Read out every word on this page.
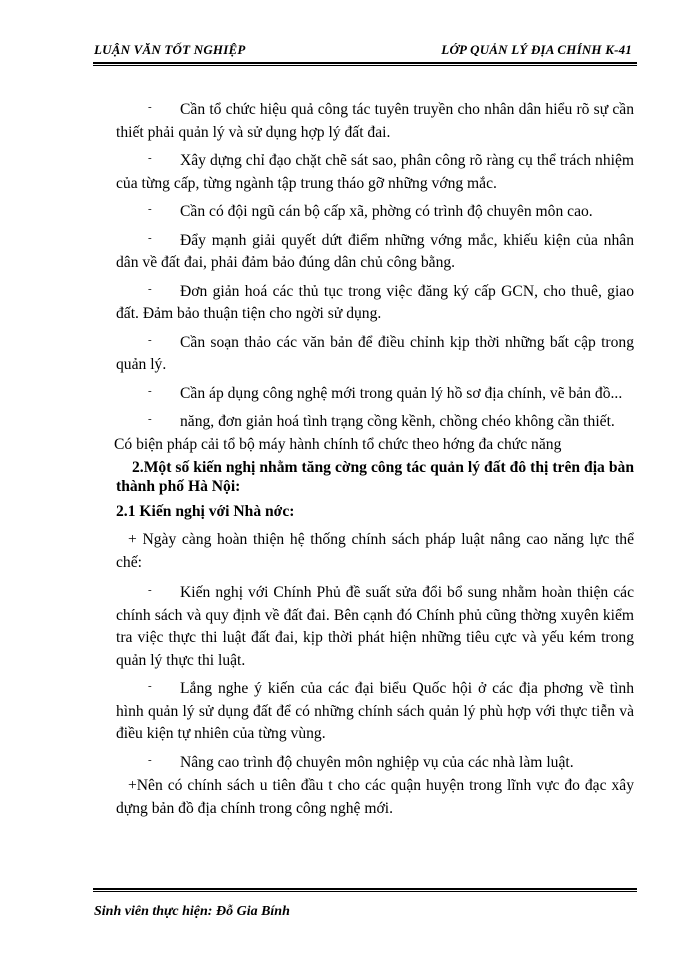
LUẬN VĂN TỐT NGHIỆP	LỚP QUẢN LÝ ĐỊA CHÍNH K-41

- Cần tổ chức hiệu quả công tác tuyên truyền cho nhân dân hiểu rõ sự cần thiết phải quản lý và sử dụng hợp lý đất đai.

- Xây dựng chỉ đạo chặt chẽ sát sao, phân công rõ ràng cụ thể trách nhiệm của từng cấp, từng ngành tập trung tháo gỡ những vớng mắc.

- Cần có đội ngũ cán bộ cấp xã, phờng có trình độ chuyên môn cao.

- Đẩy mạnh giải quyết dứt điểm những vớng mắc, khiếu kiện của nhân dân về đất đai, phải đảm bảo đúng dân chủ công bằng.

- Đơn giản hoá các thủ tục trong việc đăng ký cấp GCN, cho thuê, giao đất. Đảm bảo thuận tiện cho ngời sử dụng.

- Cần soạn thảo các văn bản để điều chỉnh kịp thời những bất cập trong quản lý.

- Cần áp dụng công nghệ mới trong quản lý hồ sơ địa chính, vẽ bản đồ...

- năng, đơn giản hoá tình trạng cồng kềnh, chồng chéo không cần thiết.

Có biện pháp cải tổ bộ máy hành chính tổ chức theo hớng đa chức năng

2.Một số kiến nghị nhằm tăng cờng công tác quản lý đất đô thị trên địa bàn thành phố Hà Nội:

2.1 Kiến nghị với Nhà nớc:

+ Ngày càng hoàn thiện hệ thống chính sách pháp luật nâng cao năng lực thể chế:

- Kiến nghị với Chính Phủ đề suất sửa đổi bổ sung nhằm hoàn thiện các chính sách và quy định về đất đai. Bên cạnh đó Chính phủ cũng thờng xuyên kiểm tra việc thực thi luật đất đai, kịp thời phát hiện những tiêu cực và yếu kém trong quản lý thực thi luật.

- Lắng nghe ý kiến của các đại biểu Quốc hội ở các địa phơng về tình hình quản lý sử dụng đất để có những chính sách quản lý phù hợp với thực tiễn và điều kiện tự nhiên của từng vùng.

- Nâng cao trình độ chuyên môn nghiệp vụ của các nhà làm luật.

+Nên có chính sách u tiên đầu t cho các quận huyện trong lĩnh vực đo đạc xây dựng bản đồ địa chính trong công nghệ mới.

Sinh viên thực hiện: Đỗ Gia Bính
